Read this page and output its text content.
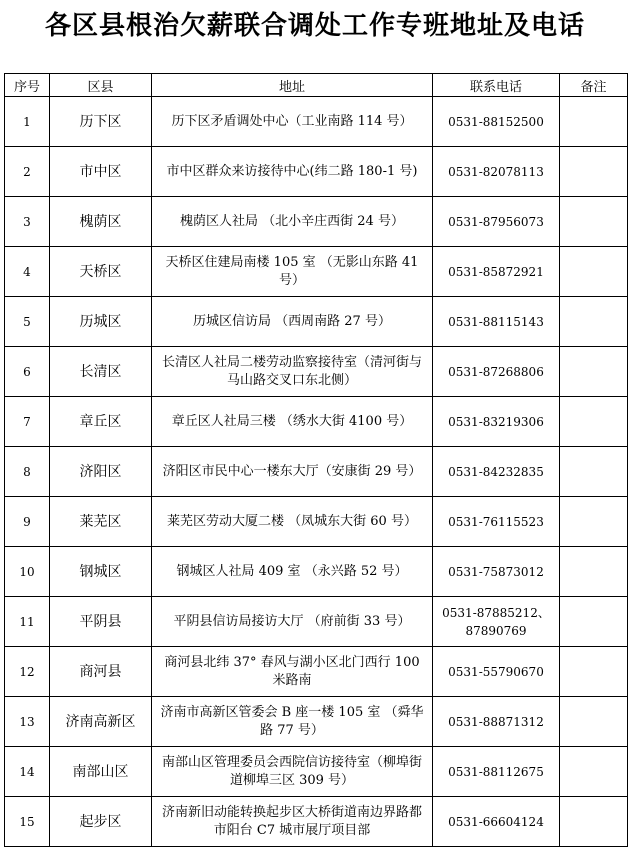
各区县根治欠薪联合调处工作专班地址及电话
序号	区县	地址	联系电话	备注
1	历下区	历下区矛盾调处中心（工业南路 114 号）	0531-88152500	
2	市中区	市中区群众来访接待中心(纬二路 180-1 号)	0531-82078113	
3	槐荫区	槐荫区人社局 （北小辛庄西街 24 号）	0531-87956073	
4	天桥区	天桥区住建局南楼 105 室 （无影山东路 41 号）	0531-85872921	
5	历城区	历城区信访局 （西周南路 27 号）	0531-88115143	
6	长清区	长清区人社局二楼劳动监察接待室（清河街与马山路交叉口东北侧）	0531-87268806	
7	章丘区	章丘区人社局三楼 （绣水大街 4100 号）	0531-83219306	
8	济阳区	济阳区市民中心一楼东大厅（安康街 29 号）	0531-84232835	
9	莱芜区	莱芜区劳动大厦二楼 （凤城东大街 60 号）	0531-76115523	
10	钢城区	钢城区人社局 409 室 （永兴路 52 号）	0531-75873012	
11	平阴县	平阴县信访局接访大厅 （府前街 33 号）	0531-87885212、87890769	
12	商河县	商河县北纬 37° 春风与湖小区北门西行 100 米路南	0531-55790670	
13	济南高新区	济南市高新区管委会 B 座一楼 105 室 （舜华路 77 号）	0531-88871312	
14	南部山区	南部山区管理委员会西院信访接待室（柳埠街道柳埠三区 309 号）	0531-88112675	
15	起步区	济南新旧动能转换起步区大桥街道南边界路都市阳台 C7 城市展厅项目部	0531-66604124	
